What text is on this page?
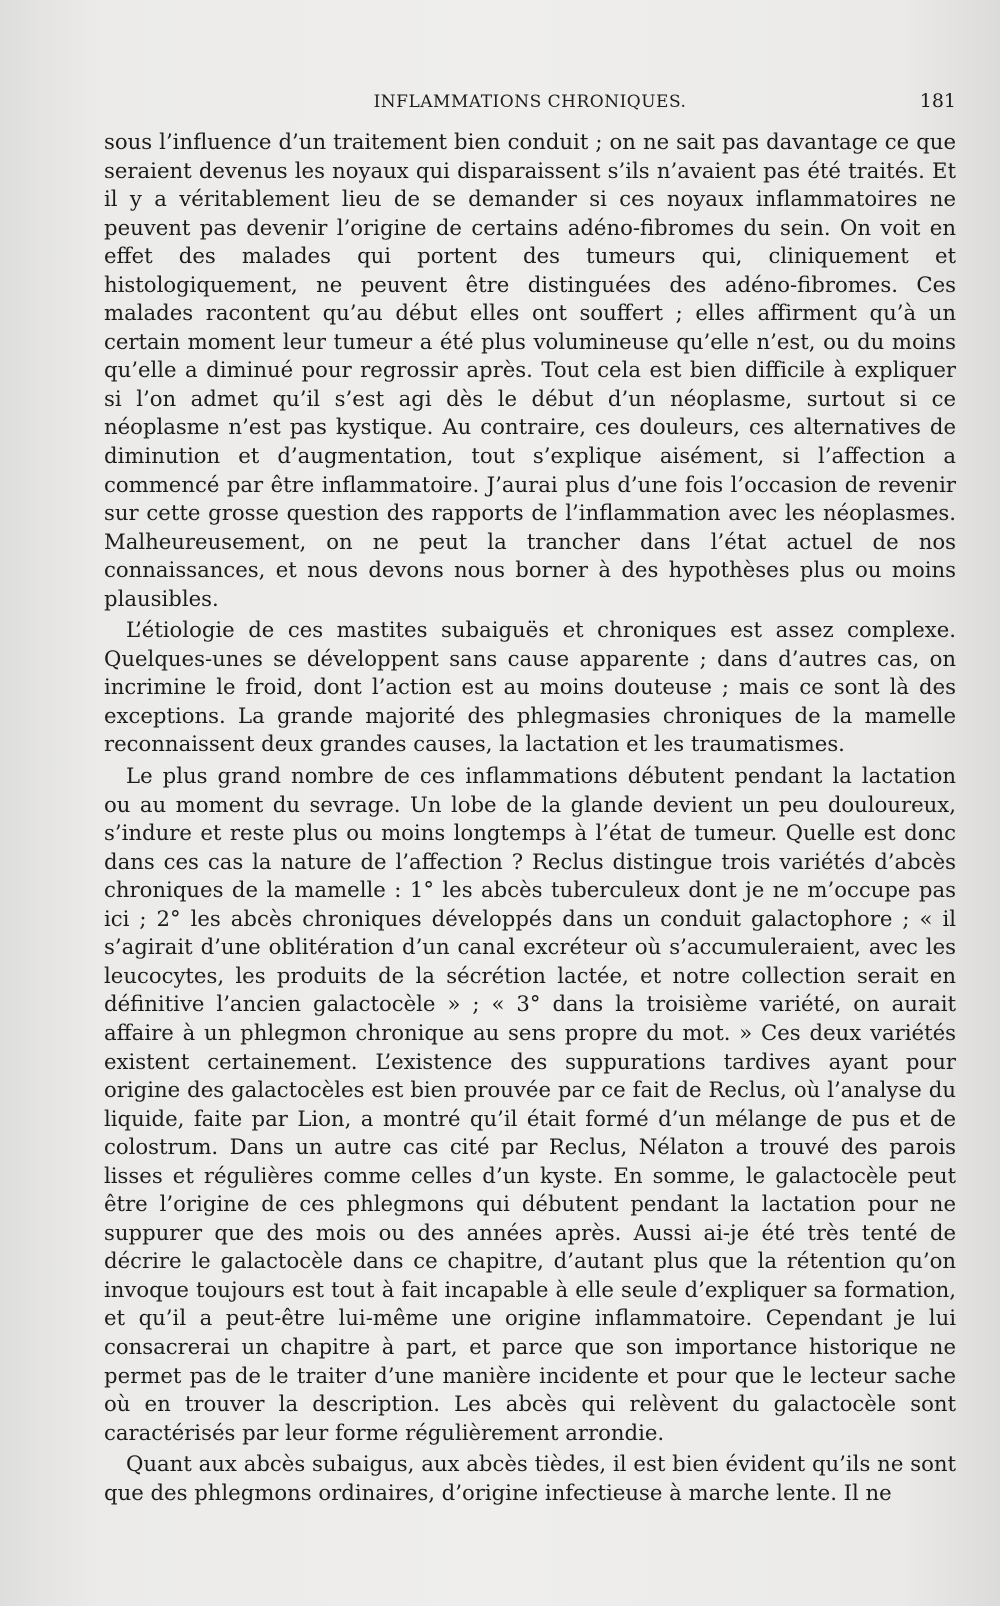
INFLAMMATIONS CHRONIQUES.	181

sous l’influence d’un traitement bien conduit ; on ne sait pas davantage ce que seraient devenus les noyaux qui disparaissent s’ils n’avaient pas été traités. Et il y a véritablement lieu de se demander si ces noyaux inflammatoires ne peuvent pas devenir l’origine de certains adéno-fibromes du sein. On voit en effet des malades qui portent des tumeurs qui, cliniquement et histologiquement, ne peuvent être distinguées des adéno-fibromes. Ces malades racontent qu’au début elles ont souffert ; elles affirment qu’à un certain moment leur tumeur a été plus volumineuse qu’elle n’est, ou du moins qu’elle a diminué pour regrossir après. Tout cela est bien difficile à expliquer si l’on admet qu’il s’est agi dès le début d’un néoplasme, surtout si ce néoplasme n’est pas kystique. Au contraire, ces douleurs, ces alternatives de diminution et d’augmentation, tout s’explique aisément, si l’affection a commencé par être inflammatoire. J’aurai plus d’une fois l’occasion de revenir sur cette grosse question des rapports de l’inflammation avec les néoplasmes. Malheureusement, on ne peut la trancher dans l’état actuel de nos connaissances, et nous devons nous borner à des hypothèses plus ou moins plausibles.

L’étiologie de ces mastites subaiguës et chroniques est assez complexe. Quelques-unes se développent sans cause apparente ; dans d’autres cas, on incrimine le froid, dont l’action est au moins douteuse ; mais ce sont là des exceptions. La grande majorité des phlegmasies chroniques de la mamelle reconnaissent deux grandes causes, la lactation et les traumatismes.

Le plus grand nombre de ces inflammations débutent pendant la lactation ou au moment du sevrage. Un lobe de la glande devient un peu douloureux, s’indure et reste plus ou moins longtemps à l’état de tumeur. Quelle est donc dans ces cas la nature de l’affection ? Reclus distingue trois variétés d’abcès chroniques de la mamelle : 1° les abcès tuberculeux dont je ne m’occupe pas ici ; 2° les abcès chroniques développés dans un conduit galactophore ; « il s’agirait d’une oblitération d’un canal excréteur où s’accumuleraient, avec les leucocytes, les produits de la sécrétion lactée, et notre collection serait en définitive l’ancien galactocèle » ; « 3° dans la troisième variété, on aurait affaire à un phlegmon chronique au sens propre du mot. » Ces deux variétés existent certainement. L’existence des suppurations tardives ayant pour origine des galactocèles est bien prouvée par ce fait de Reclus, où l’analyse du liquide, faite par Lion, a montré qu’il était formé d’un mélange de pus et de colostrum. Dans un autre cas cité par Reclus, Nélaton a trouvé des parois lisses et régulières comme celles d’un kyste. En somme, le galactocèle peut être l’origine de ces phlegmons qui débutent pendant la lactation pour ne suppurer que des mois ou des années après. Aussi ai-je été très tenté de décrire le galactocèle dans ce chapitre, d’autant plus que la rétention qu’on invoque toujours est tout à fait incapable à elle seule d’expliquer sa formation, et qu’il a peut-être lui-même une origine inflammatoire. Cependant je lui consacrerai un chapitre à part, et parce que son importance historique ne permet pas de le traiter d’une manière incidente et pour que le lecteur sache où en trouver la description. Les abcès qui relèvent du galactocèle sont caractérisés par leur forme régulièrement arrondie.

Quant aux abcès subaigus, aux abcès tièdes, il est bien évident qu’ils ne sont que des phlegmons ordinaires, d’origine infectieuse à marche lente. Il ne
